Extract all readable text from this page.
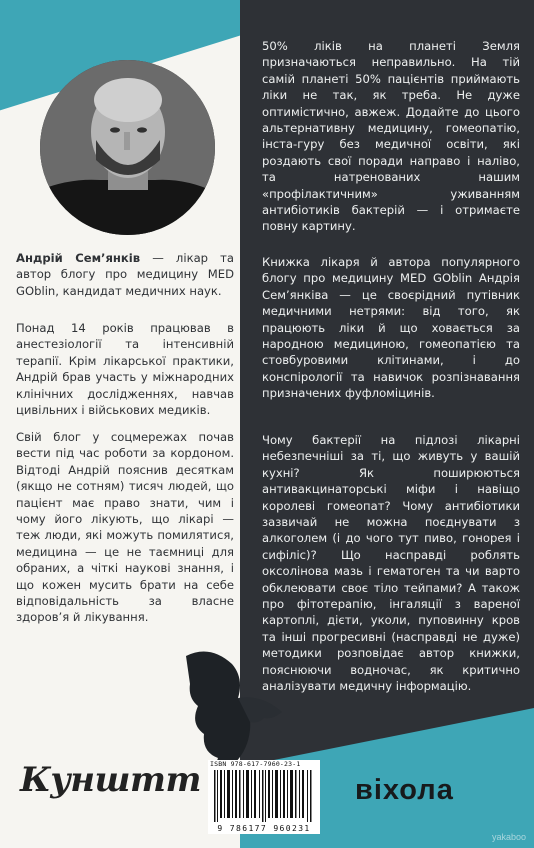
Андрій Сем’янків — лікар та автор блогу про медицину MED GOblin, кандидат медичних наук.
Понад 14 років працював в анестезіології та інтенсивній терапії. Крім лікарської практики, Андрій брав участь у міжнародних клінічних дослідженнях, навчав цивільних і військових медиків.
Свій блог у соцмережах почав вести під час роботи за кордоном. Відтоді Андрій пояснив десяткам (якщо не сотням) тисяч людей, що пацієнт має право знати, чим і чому його лікують, що лікарі — теж люди, які можуть помилятися, медицина — це не таємниці для обраних, а чіткі наукові знання, і що кожен мусить брати на себе відповідальність за власне здоров’я й лікування.
Кунштт
50% ліків на планеті Земля призначаються неправильно. На тій самій планеті 50% пацієнтів приймають ліки не так, як треба. Не дуже оптимістично, авжеж. Додайте до цього альтернативну медицину, гомеопатію, інста-гуру без медичної освіти, які роздають свої поради направо і наліво, та натренованих нашим «профілактичним» уживанням антибіотиків бактерій — і отримаєте повну картину.
Книжка лікаря й автора популярного блогу про медицину MED GOblin Андрія Сем’янківа — це своєрідний путівник медичними нетрями: від того, як працюють ліки й що ховається за народною медициною, гомеопатією та стовбуровими клітинами, і до конспірології та навичок розпізнавання призначених фуфломіцинів.
Чому бактерії на підлозі лікарні небезпечніші за ті, що живуть у вашій кухні? Як поширюються антивакцинаторські міфи і навіщо королеві гомеопат? Чому антибіотики зазвичай не можна поєднувати з алкоголем (і до чого тут пиво, гонорея і сифіліс)? Що насправді роблять оксолінова мазь і гематоген та чи варто обклеювати своє тіло тейпами? А також про фітотерапію, інгаляції з вареної картоплі, дієти, уколи, пуповинну кров та інші прогресивні (насправді не дуже) методики розповідає автор книжки, пояснюючи водночас, як критично аналізувати медичну інформацію.
ISBN 978-617-7960-23-1
9 786177 960231
віхола
yakaboo
